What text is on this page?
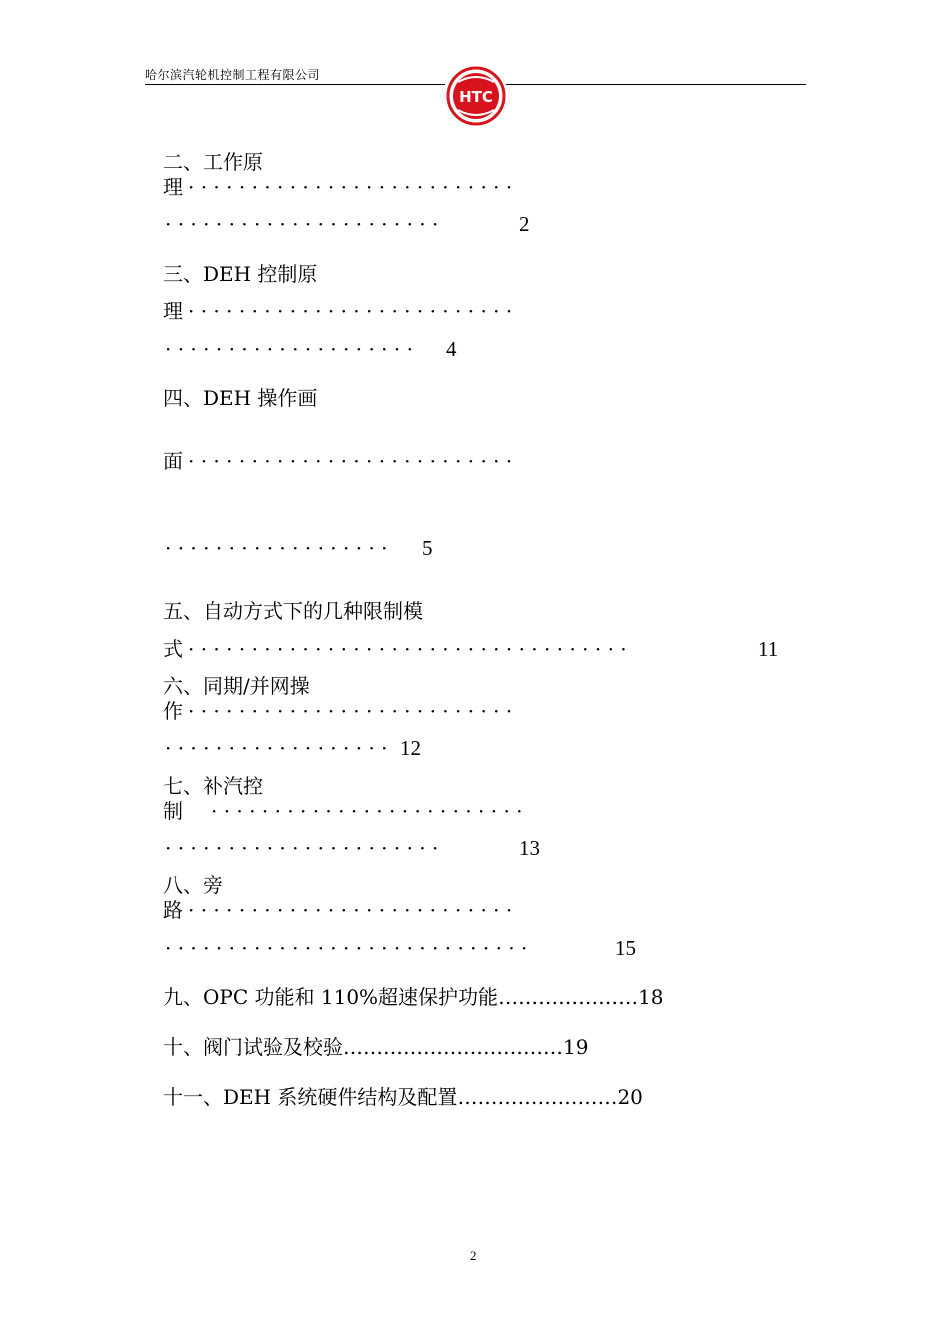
哈尔滨汽轮机控制工程有限公司
HTC
二、工作原
理 · · · · · · · · · · · · · · · · · · · · · · · · · ·
· · · · · · · · · · · · · · · · · · · · · ·	2
三、DEH 控制原
理 · · · · · · · · · · · · · · · · · · · · · · · · · ·
· · · · · · · · · · · · · · · · · · · · 4
四、DEH 操作画
面 · · · · · · · · · · · · · · · · · · · · · · · · · ·
· · · · · · · · · · · · · · · · · · 5
五、自动方式下的几种限制模
式 · · · · · · · · · · · · · · · · · · · · · · · · · · · · · · · · · · ·	11
六、同期/并网操
作 · · · · · · · · · · · · · · · · · · · · · · · · · ·
· · · · · · · · · · · · · · · · · · 12
七、补汽控
制 · · · · · · · · · · · · · · · · · · · · · · · · ·
· · · · · · · · · · · · · · · · · · · · · ·	13
八、旁
路 · · · · · · · · · · · · · · · · · · · · · · · · · ·
· · · · · · · · · · · · · · · · · · · · · · · · · · · · ·	15
九、OPC 功能和 110%超速保护功能…………………18
十、阀门试验及校验……………………………19
十一、DEH 系统硬件结构及配置……………………20
2
